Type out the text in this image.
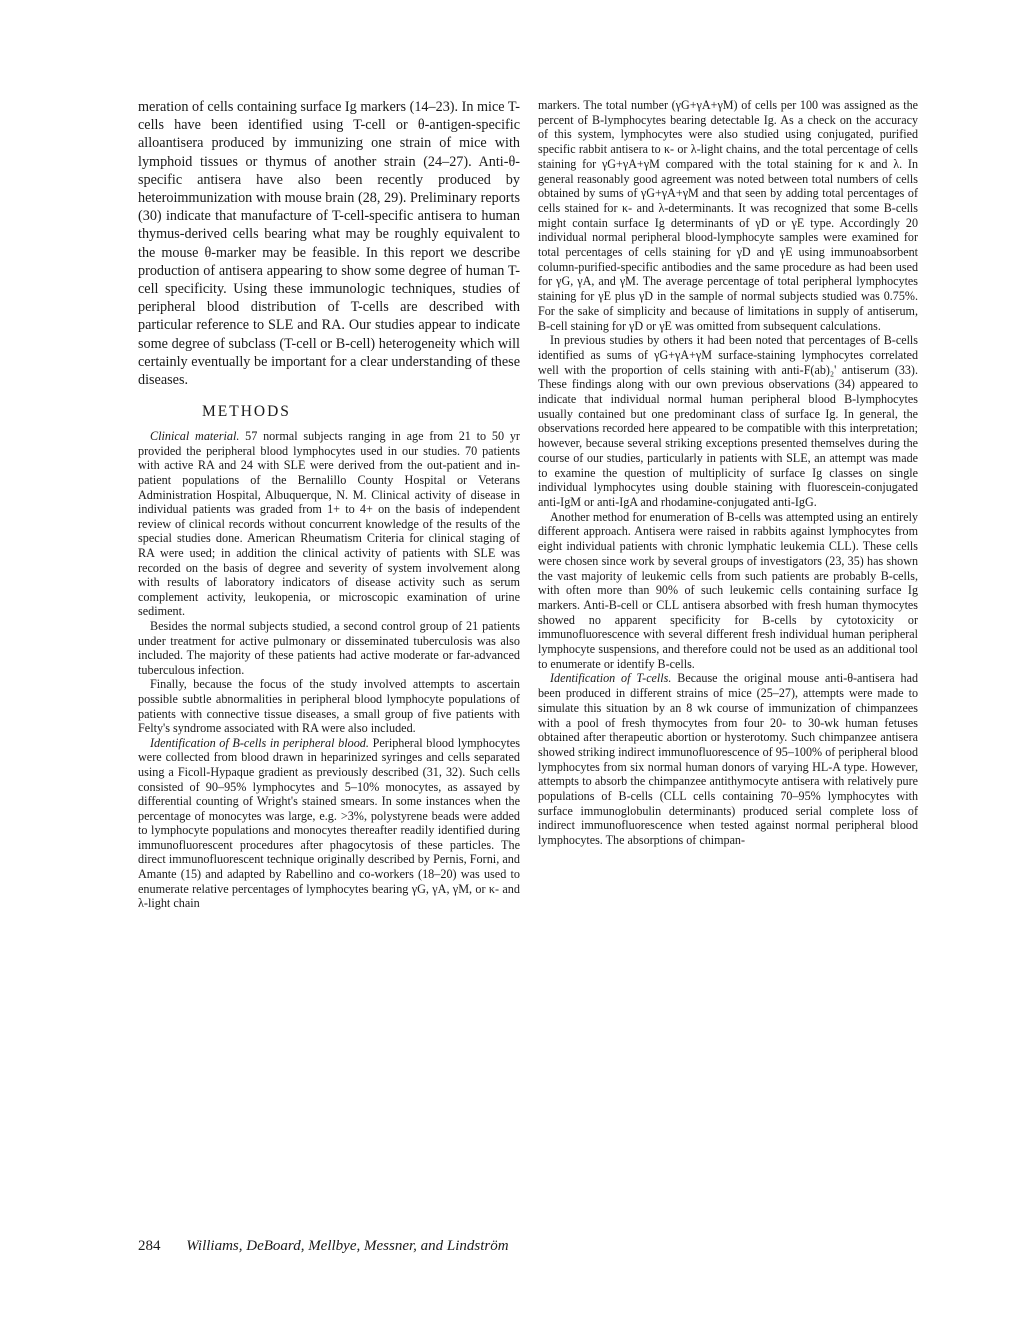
meration of cells containing surface Ig markers (14–23). In mice T-cells have been identified using T-cell or θ-antigen-specific alloantisera produced by immunizing one strain of mice with lymphoid tissues or thymus of another strain (24–27). Anti-θ-specific antisera have also been recently produced by heteroimmunization with mouse brain (28, 29). Preliminary reports (30) indicate that manufacture of T-cell-specific antisera to human thymus-derived cells bearing what may be roughly equivalent to the mouse θ-marker may be feasible. In this report we describe production of antisera appearing to show some degree of human T-cell specificity. Using these immunologic techniques, studies of peripheral blood distribution of T-cells are described with particular reference to SLE and RA. Our studies appear to indicate some degree of subclass (T-cell or B-cell) heterogeneity which will certainly eventually be important for a clear understanding of these diseases.

METHODS

Clinical material. 57 normal subjects ranging in age from 21 to 50 yr provided the peripheral blood lymphocytes used in our studies. 70 patients with active RA and 24 with SLE were derived from the out-patient and in-patient populations of the Bernalillo County Hospital or Veterans Administration Hospital, Albuquerque, N. M. Clinical activity of disease in individual patients was graded from 1+ to 4+ on the basis of independent review of clinical records without concurrent knowledge of the results of the special studies done. American Rheumatism Criteria for clinical staging of RA were used; in addition the clinical activity of patients with SLE was recorded on the basis of degree and severity of system involvement along with results of laboratory indicators of disease activity such as serum complement activity, leukopenia, or microscopic examination of urine sediment.

Besides the normal subjects studied, a second control group of 21 patients under treatment for active pulmonary or disseminated tuberculosis was also included. The majority of these patients had active moderate or far-advanced tuberculous infection.

Finally, because the focus of the study involved attempts to ascertain possible subtle abnormalities in peripheral blood lymphocyte populations of patients with connective tissue diseases, a small group of five patients with Felty's syndrome associated with RA were also included.

Identification of B-cells in peripheral blood. Peripheral blood lymphocytes were collected from blood drawn in heparinized syringes and cells separated using a Ficoll-Hypaque gradient as previously described (31, 32). Such cells consisted of 90–95% lymphocytes and 5–10% monocytes, as assayed by differential counting of Wright's stained smears. In some instances when the percentage of monocytes was large, e.g. >3%, polystyrene beads were added to lymphocyte populations and monocytes thereafter readily identified during immunofluorescent procedures after phagocytosis of these particles. The direct immunofluorescent technique originally described by Pernis, Forni, and Amante (15) and adapted by Rabellino and co-workers (18–20) was used to enumerate relative percentages of lymphocytes bearing γG, γA, γM, or κ- and λ-light chain

markers. The total number (γG+γA+γM) of cells per 100 was assigned as the percent of B-lymphocytes bearing detectable Ig. As a check on the accuracy of this system, lymphocytes were also studied using conjugated, purified specific rabbit antisera to κ- or λ-light chains, and the total percentage of cells staining for γG+γA+γM compared with the total staining for κ and λ. In general reasonably good agreement was noted between total numbers of cells obtained by sums of γG+γA+γM and that seen by adding total percentages of cells stained for κ- and λ-determinants. It was recognized that some B-cells might contain surface Ig determinants of γD or γE type. Accordingly 20 individual normal peripheral blood-lymphocyte samples were examined for total percentages of cells staining for γD and γE using immunoabsorbent column-purified-specific antibodies and the same procedure as had been used for γG, γA, and γM. The average percentage of total peripheral lymphocytes staining for γE plus γD in the sample of normal subjects studied was 0.75%. For the sake of simplicity and because of limitations in supply of antiserum, B-cell staining for γD or γE was omitted from subsequent calculations.

In previous studies by others it had been noted that percentages of B-cells identified as sums of γG+γA+γM surface-staining lymphocytes correlated well with the proportion of cells staining with anti-F(ab)₂' antiserum (33). These findings along with our own previous observations (34) appeared to indicate that individual normal human peripheral blood B-lymphocytes usually contained but one predominant class of surface Ig. In general, the observations recorded here appeared to be compatible with this interpretation; however, because several striking exceptions presented themselves during the course of our studies, particularly in patients with SLE, an attempt was made to examine the question of multiplicity of surface Ig classes on single individual lymphocytes using double staining with fluorescein-conjugated anti-IgM or anti-IgA and rhodamine-conjugated anti-IgG.

Another method for enumeration of B-cells was attempted using an entirely different approach. Antisera were raised in rabbits against lymphocytes from eight individual patients with chronic lymphatic leukemia CLL). These cells were chosen since work by several groups of investigators (23, 35) has shown the vast majority of leukemic cells from such patients are probably B-cells, with often more than 90% of such leukemic cells containing surface Ig markers. Anti-B-cell or CLL antisera absorbed with fresh human thymocytes showed no apparent specificity for B-cells by cytotoxicity or immunofluorescence with several different fresh individual human peripheral lymphocyte suspensions, and therefore could not be used as an additional tool to enumerate or identify B-cells.

Identification of T-cells. Because the original mouse anti-θ-antisera had been produced in different strains of mice (25–27), attempts were made to simulate this situation by an 8 wk course of immunization of chimpanzees with a pool of fresh thymocytes from four 20- to 30-wk human fetuses obtained after therapeutic abortion or hysterotomy. Such chimpanzee antisera showed striking indirect immunofluorescence of 95–100% of peripheral blood lymphocytes from six normal human donors of varying HL-A type. However, attempts to absorb the chimpanzee antithymocyte antisera with relatively pure populations of B-cells (CLL cells containing 70–95% lymphocytes with surface immunoglobulin determinants) produced serial complete loss of indirect immunofluorescence when tested against normal peripheral blood lymphocytes. The absorptions of chimpan-

284 Williams, DeBoard, Mellbye, Messner, and Lindström
